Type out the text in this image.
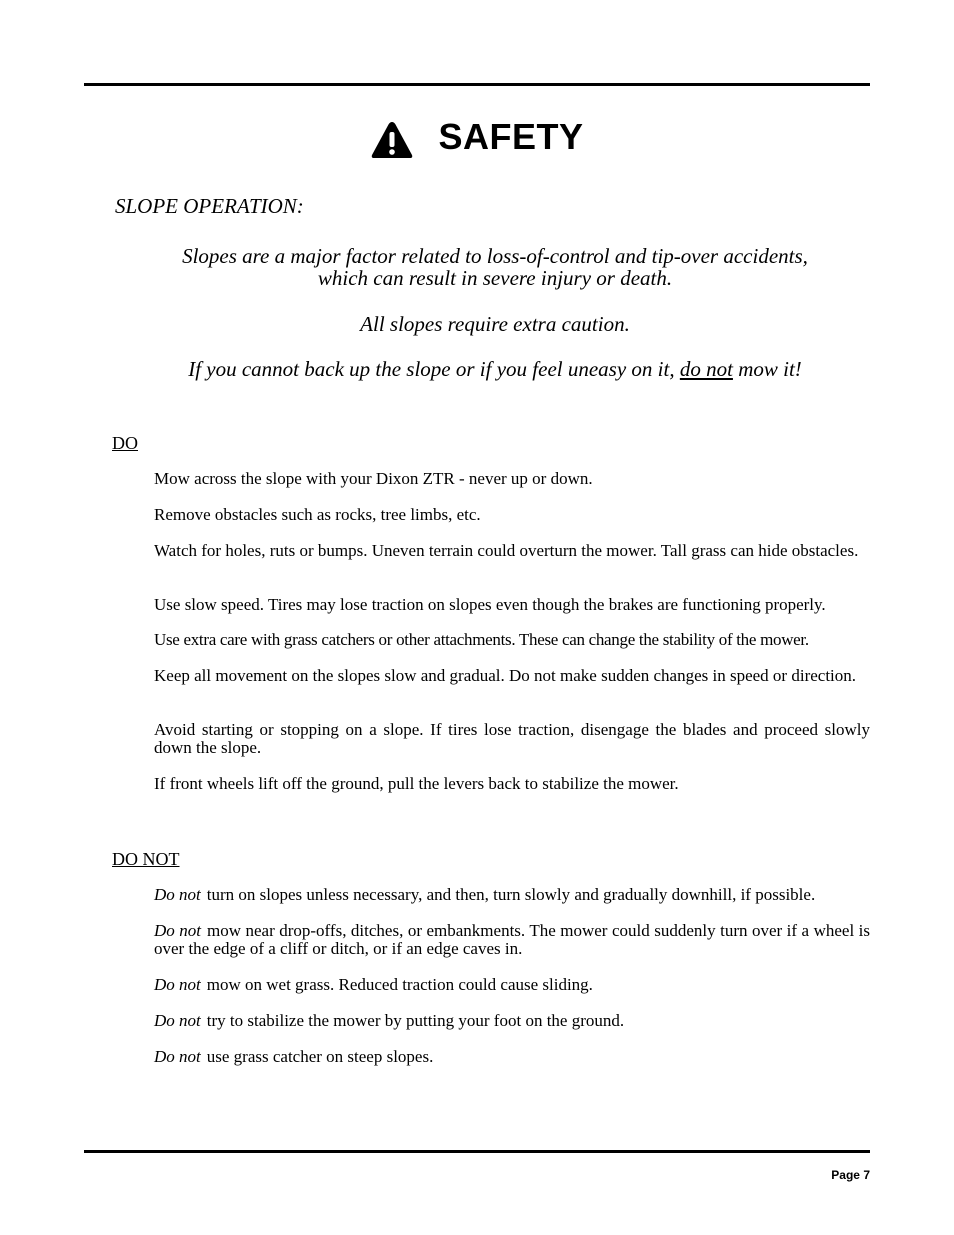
SAFETY
SLOPE OPERATION:
Slopes are a major factor related to loss-of-control and tip-over accidents,
which can result in severe injury or death.
All slopes require extra caution.
If you cannot back up the slope or if you feel uneasy on it, do not mow it!
DO
Mow across the slope with your Dixon ZTR - never up or down.
Remove obstacles such as rocks, tree limbs, etc.
Watch for holes, ruts or bumps. Uneven terrain could overturn the mower. Tall grass can hide obstacles.
Use slow speed. Tires may lose traction on slopes even though the brakes are functioning properly.
Use extra care with grass catchers or other attachments. These can change the stability of the mower.
Keep all movement on the slopes slow and gradual. Do not make sudden changes in speed or direction.
Avoid starting or stopping on a slope. If tires lose traction, disengage the blades and proceed slowly down the slope.
If front wheels lift off the ground, pull the levers back to stabilize the mower.
DO NOT
Do not turn on slopes unless necessary, and then, turn slowly and gradually downhill, if possible.
Do not mow near drop-offs, ditches, or embankments. The mower could suddenly turn over if a wheel is over the edge of a cliff or ditch, or if an edge caves in.
Do not mow on wet grass. Reduced traction could cause sliding.
Do not try to stabilize the mower by putting your foot on the ground.
Do not use grass catcher on steep slopes.
Page 7
